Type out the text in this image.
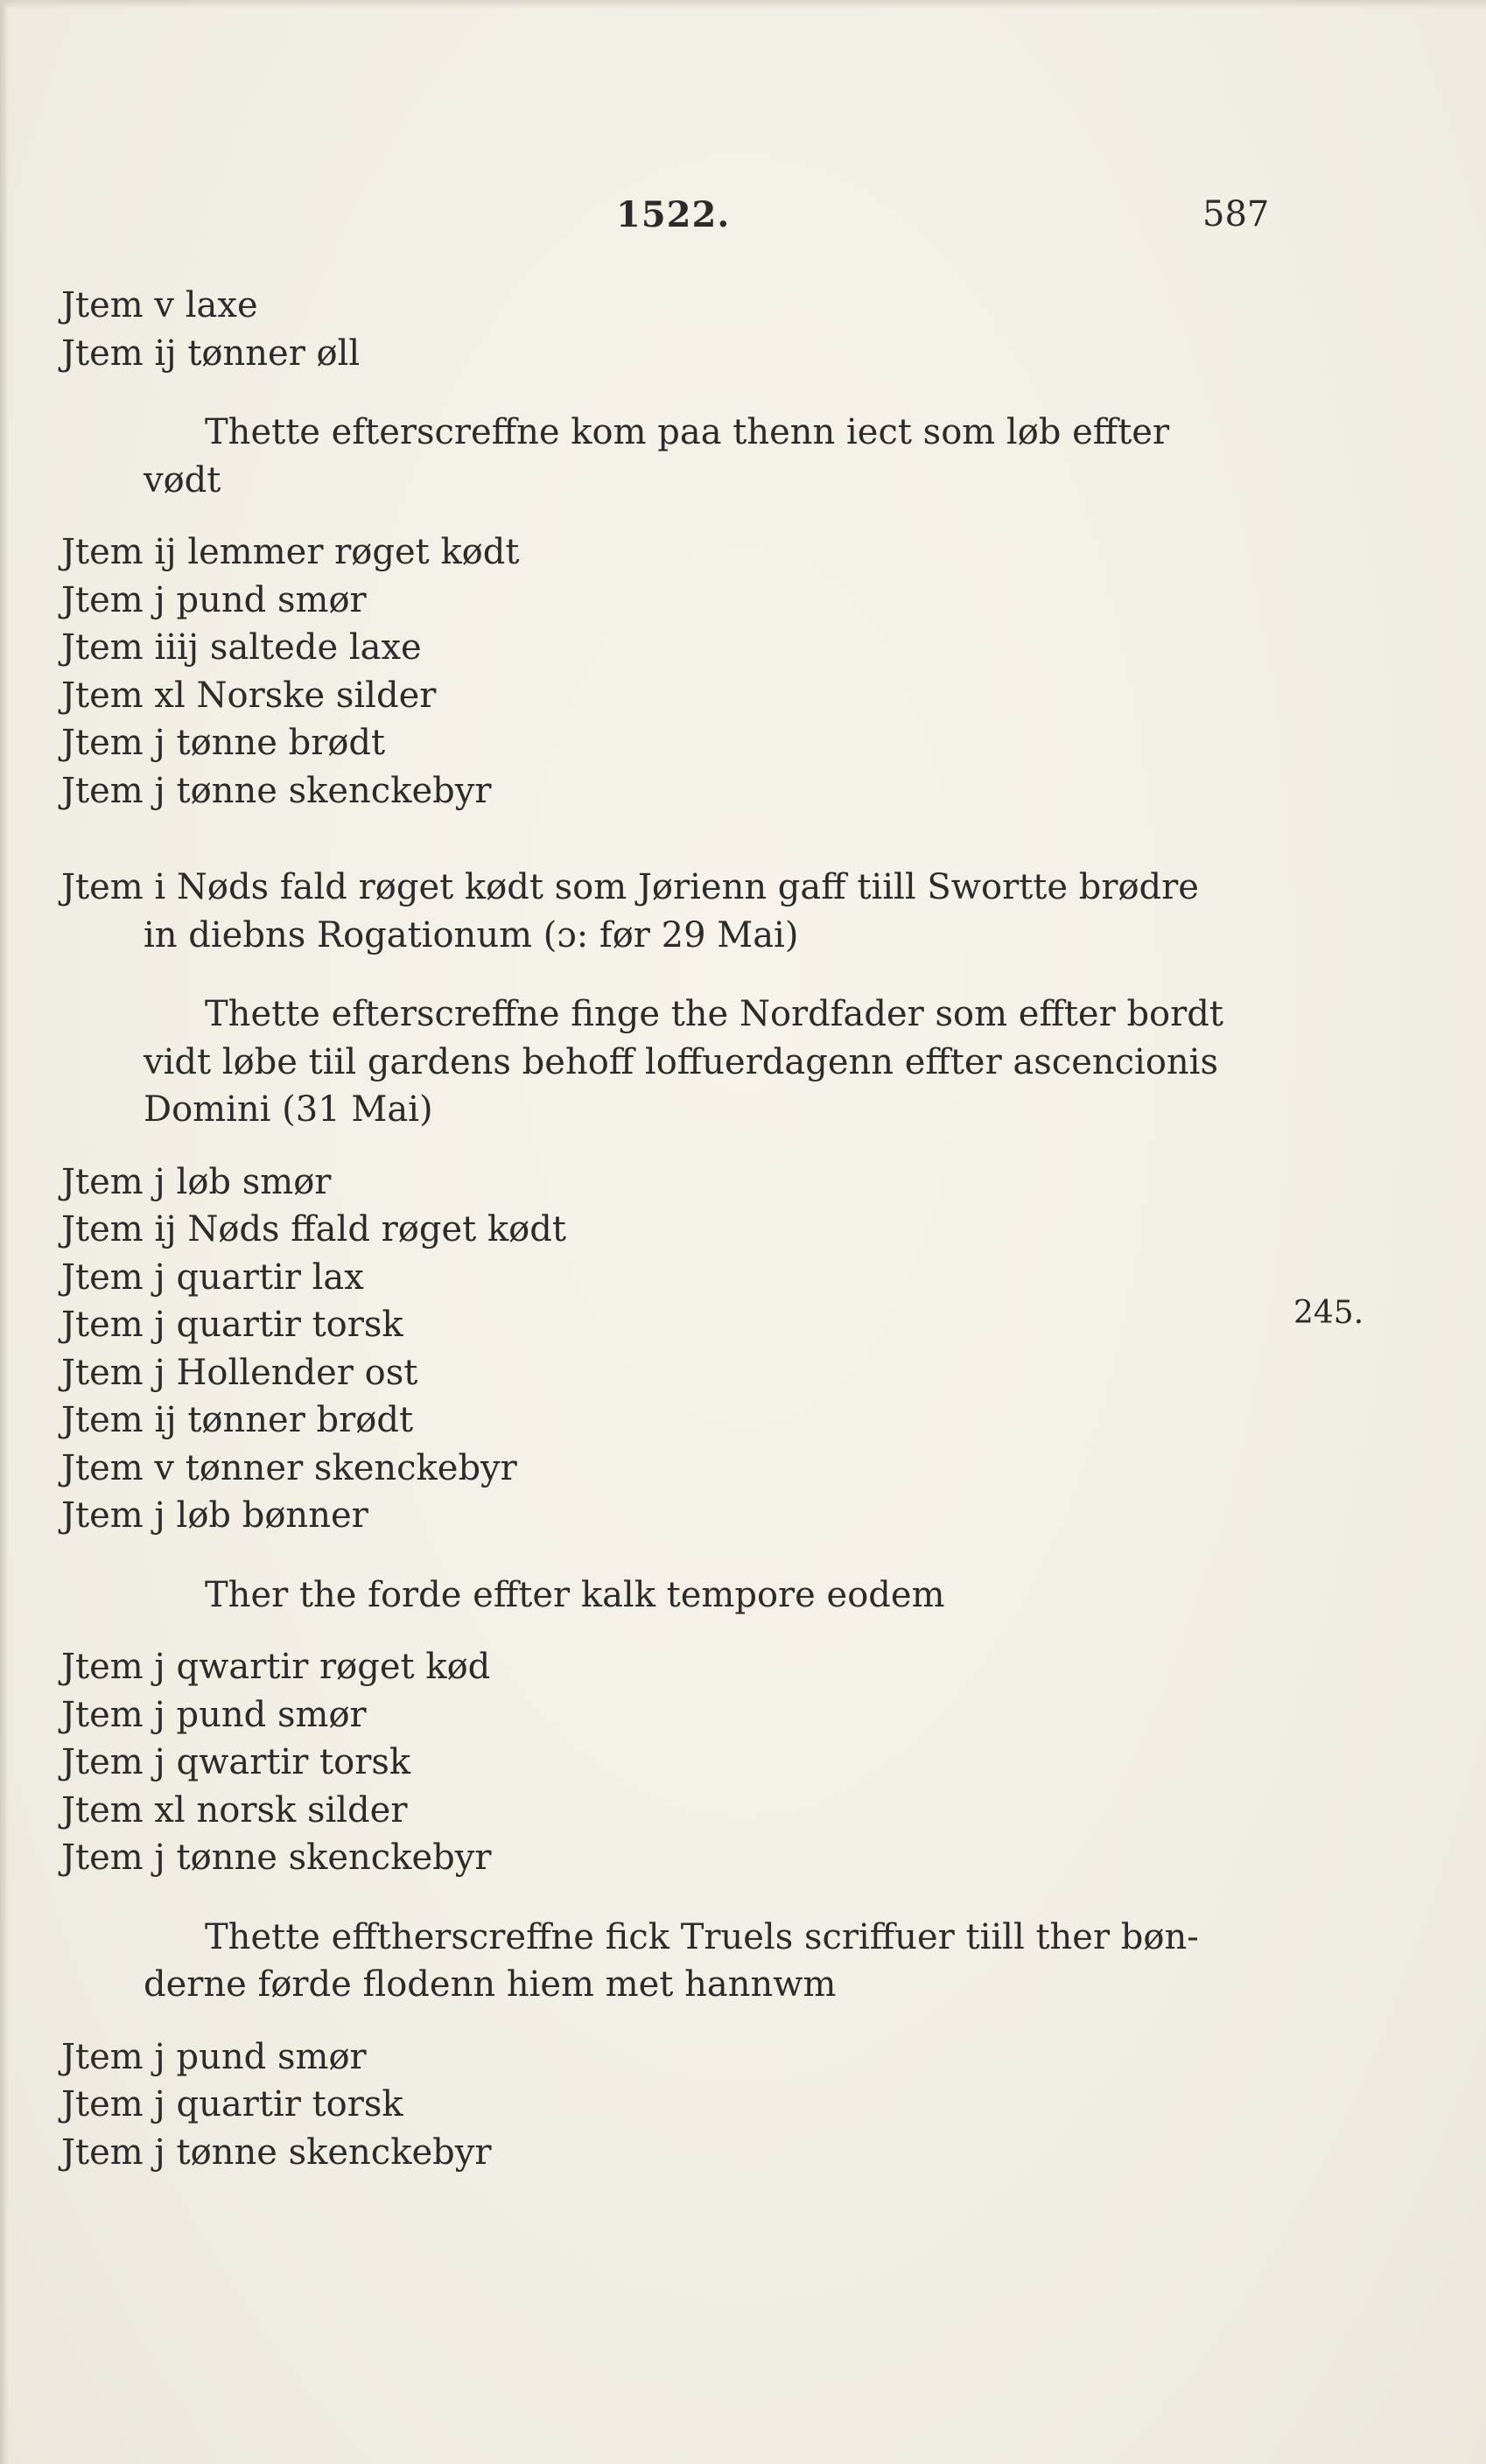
1522.	587
245.

Jtem v laxe

Jtem ij tønner øll

Thette efterscreffne kom paa thenn iect som løb effter
vødt

Jtem ij lemmer røget kødt

Jtem j pund smør

Jtem iiij saltede laxe

Jtem xl Norske silder

Jtem j tønne brødt

Jtem j tønne skenckebyr

Jtem i Nøds fald røget kødt som Jørienn gaff tiill Swortte brødre
in diebns Rogationum (ɔ: før 29 Mai)
Thette efterscreffne finge the Nordfader som effter bordt
vidt løbe tiil gardens behoff loffuerdagenn effter ascencionis
Domini (31 Mai)

Jtem j løb smør

Jtem ij Nøds ffald røget kødt

Jtem j quartir lax

Jtem j quartir torsk

Jtem j Hollender ost

Jtem ij tønner brødt

Jtem v tønner skenckebyr

Jtem j løb bønner

Ther the forde effter kalk tempore eodem

Jtem j qwartir røget kød

Jtem j pund smør

Jtem j qwartir torsk

Jtem xl norsk silder

Jtem j tønne skenckebyr

Thette efftherscreffne fick Truels scriffuer tiill ther bøn-
derne førde flodenn hiem met hannwm

Jtem j pund smør

Jtem j quartir torsk

Jtem j tønne skenckebyr
